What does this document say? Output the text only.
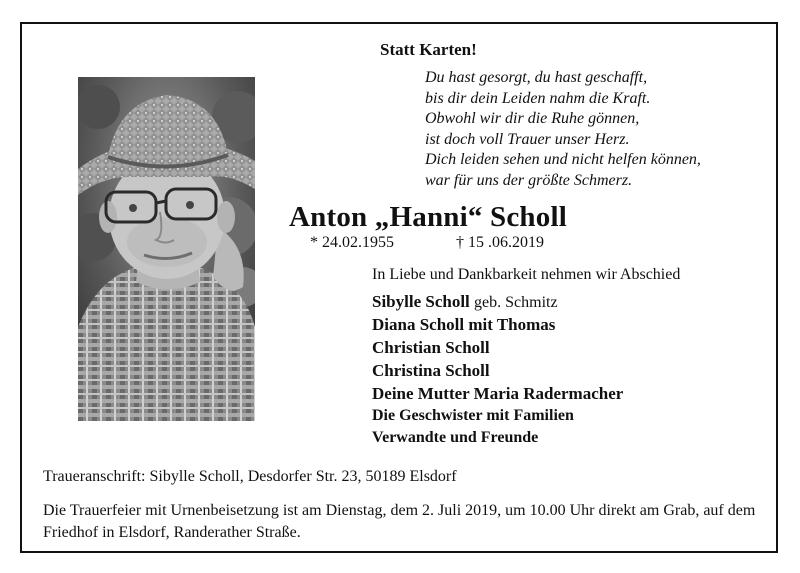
Statt Karten!
Du hast gesorgt, du hast geschafft,
bis dir dein Leiden nahm die Kraft.
Obwohl wir dir die Ruhe gönnen,
ist doch voll Trauer unser Herz.
Dich leiden sehen und nicht helfen können,
war für uns der größte Schmerz.
Anton „Hanni“ Scholl
* 24.02.1955	† 15 .06.2019
In Liebe und Dankbarkeit nehmen wir Abschied
Sibylle Scholl geb. Schmitz
Diana Scholl mit Thomas
Christian Scholl
Christina Scholl
Deine Mutter Maria Radermacher
Die Geschwister mit Familien
Verwandte und Freunde
Traueranschrift: Sibylle Scholl, Desdorfer Str. 23, 50189 Elsdorf
Die Trauerfeier mit Urnenbeisetzung ist am Dienstag, dem 2. Juli 2019, um 10.00 Uhr direkt am Grab, auf dem Friedhof in Elsdorf, Randerather Straße.
